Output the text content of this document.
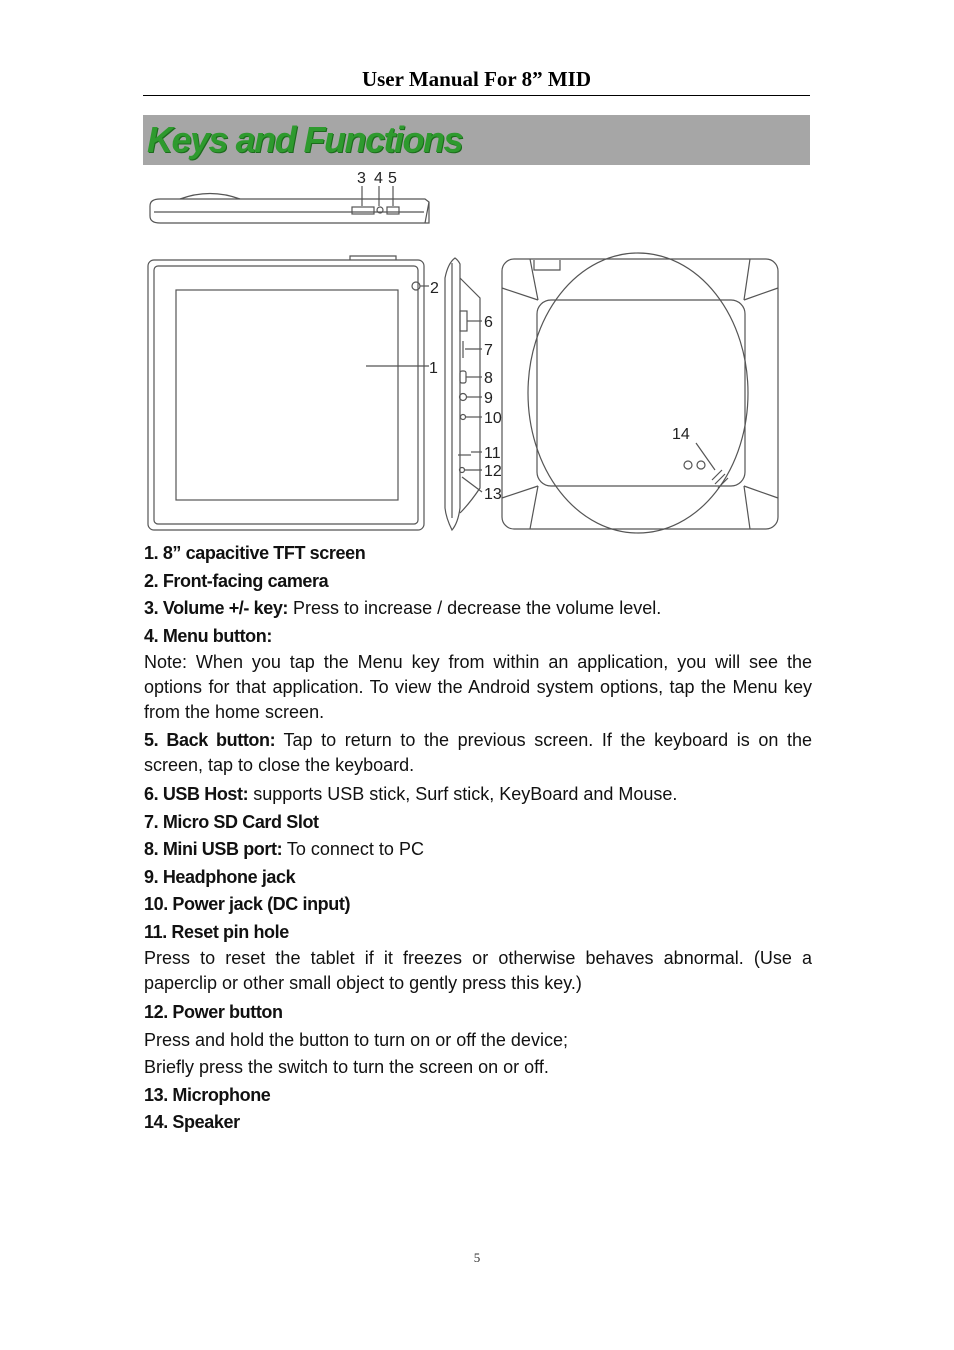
User Manual For 8” MID
Keys and Functions
1
2
3 4 5
6
7
8
9
10
11
12
13
14
1. 8” capacitive TFT screen
2. Front-facing camera
3. Volume +/- key: Press to increase / decrease the volume level.
4. Menu button:

Note: When you tap the Menu key from within an application, you will see the options for that application. To view the Android system options, tap the Menu key from the home screen.

5. Back button: Tap to return to the previous screen. If the keyboard is on the screen, tap to close the keyboard.

6. USB Host: supports USB stick, Surf stick, KeyBoard and Mouse.
7. Micro SD Card Slot
8. Mini USB port: To connect to PC
9. Headphone jack
10. Power jack (DC input)
11. Reset pin hole

Press to reset the tablet if it freezes or otherwise behaves abnormal. (Use a paperclip or other small object to gently press this key.)

12. Power button
Press and hold the button to turn on or off the device;
Briefly press the switch to turn the screen on or off.
13. Microphone
14. Speaker
5
